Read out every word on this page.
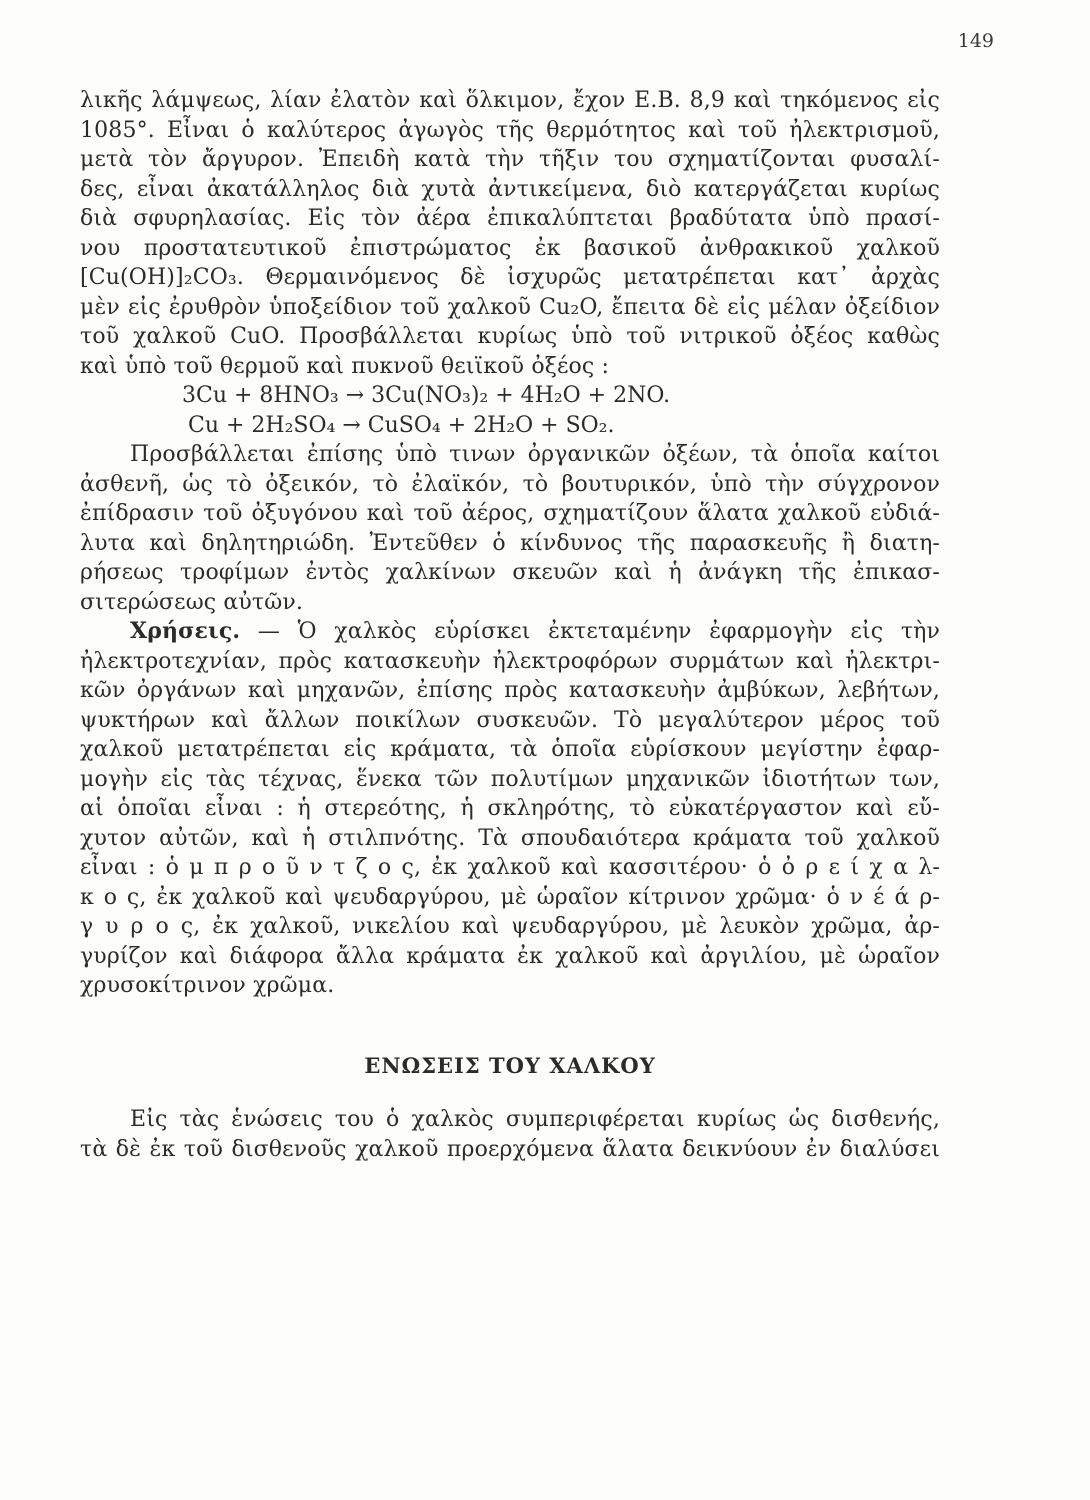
149
λικῆς λάμψεως, λίαν ἐλατὸν καὶ ὅλκιμον, ἔχον Ε.Β. 8,9 καὶ τηκόμενος εἰς
1085°. Εἶναι ὁ καλύτερος ἀγωγὸς τῆς θερμότητος καὶ τοῦ ἠλεκτρισμοῦ,
μετὰ τὸν ἄργυρον. Ἐπειδὴ κατὰ τὴν τῆξιν του σχηματίζονται φυσαλί-
δες, εἶναι ἀκατάλληλος διὰ χυτὰ ἀντικείμενα, διὸ κατεργάζεται κυρίως
διὰ σφυρηλασίας. Εἰς τὸν ἀέρα ἐπικαλύπτεται βραδύτατα ὑπὸ πρασί-
νου προστατευτικοῦ ἐπιστρώματος ἐκ βασικοῦ ἀνθρακικοῦ χαλκοῦ
[Cu(OH)]₂CO₃. Θερμαινόμενος δὲ ἰσχυρῶς μετατρέπεται κατ᾽ ἀρχὰς
μὲν εἰς ἐρυθρὸν ὑποξείδιον τοῦ χαλκοῦ Cu₂O, ἔπειτα δὲ εἰς μέλαν ὀξείδιον
τοῦ χαλκοῦ CuO. Προσβάλλεται κυρίως ὑπὸ τοῦ νιτρικοῦ ὀξέος καθὼς
καὶ ὑπὸ τοῦ θερμοῦ καὶ πυκνοῦ θειϊκοῦ ὀξέος :
3Cu + 8HNO₃ → 3Cu(NO₃)₂ + 4H₂O + 2NO.
Cu + 2H₂SO₄ → CuSO₄ + 2H₂O + SO₂.
Προσβάλλεται ἐπίσης ὑπὸ τινων ὀργανικῶν ὀξέων, τὰ ὁποῖα καίτοι
ἀσθενῆ, ὡς τὸ ὀξεικόν, τὸ ἐλαϊκόν, τὸ βουτυρικόν, ὑπὸ τὴν σύγχρονον
ἐπίδρασιν τοῦ ὀξυγόνου καὶ τοῦ ἀέρος, σχηματίζουν ἅλατα χαλκοῦ εὐδιά-
λυτα καὶ δηλητηριώδη. Ἐντεῦθεν ὁ κίνδυνος τῆς παρασκευῆς ἢ διατη-
ρήσεως τροφίμων ἐντὸς χαλκίνων σκευῶν καὶ ἡ ἀνάγκη τῆς ἐπικασ-
σιτερώσεως αὐτῶν.
Χρήσεις. — Ὁ χαλκὸς εὑρίσκει ἐκτεταμένην ἐφαρμογὴν εἰς τὴν
ἠλεκτροτεχνίαν, πρὸς κατασκευὴν ἠλεκτροφόρων συρμάτων καὶ ἠλεκτρι-
κῶν ὀργάνων καὶ μηχανῶν, ἐπίσης πρὸς κατασκευὴν ἀμβύκων, λεβήτων,
ψυκτήρων καὶ ἄλλων ποικίλων συσκευῶν. Τὸ μεγαλύτερον μέρος τοῦ
χαλκοῦ μετατρέπεται εἰς κράματα, τὰ ὁποῖα εὑρίσκουν μεγίστην ἐφαρ-
μογὴν εἰς τὰς τέχνας, ἕνεκα τῶν πολυτίμων μηχανικῶν ἰδιοτήτων των,
αἱ ὁποῖαι εἶναι : ἡ στερεότης, ἡ σκληρότης, τὸ εὐκατέργαστον καὶ εὔ-
χυτον αὐτῶν, καὶ ἡ στιλπνότης. Τὰ σπουδαιότερα κράματα τοῦ χαλκοῦ
εἶναι : ὁ μ π ρ ο ῦ ν τ ζ ο ς, ἐκ χαλκοῦ καὶ κασσιτέρου· ὁ ὀ ρ ε ί χ α λ-
κ ο ς, ἐκ χαλκοῦ καὶ ψευδαργύρου, μὲ ὡραῖον κίτρινον χρῶμα· ὁ ν έ ά ρ-
γ υ ρ ο ς, ἐκ χαλκοῦ, νικελίου καὶ ψευδαργύρου, μὲ λευκὸν χρῶμα, ἀρ-
γυρίζον καὶ διάφορα ἄλλα κράματα ἐκ χαλκοῦ καὶ ἀργιλίου, μὲ ὡραῖον
χρυσοκίτρινον χρῶμα.
ΕΝΩΣΕΙΣ ΤΟΥ ΧΑΛΚΟΥ
Εἰς τὰς ἑνώσεις του ὁ χαλκὸς συμπεριφέρεται κυρίως ὡς δισθενής,
τὰ δὲ ἐκ τοῦ δισθενοῦς χαλκοῦ προερχόμενα ἅλατα δεικνύουν ἐν διαλύσει
